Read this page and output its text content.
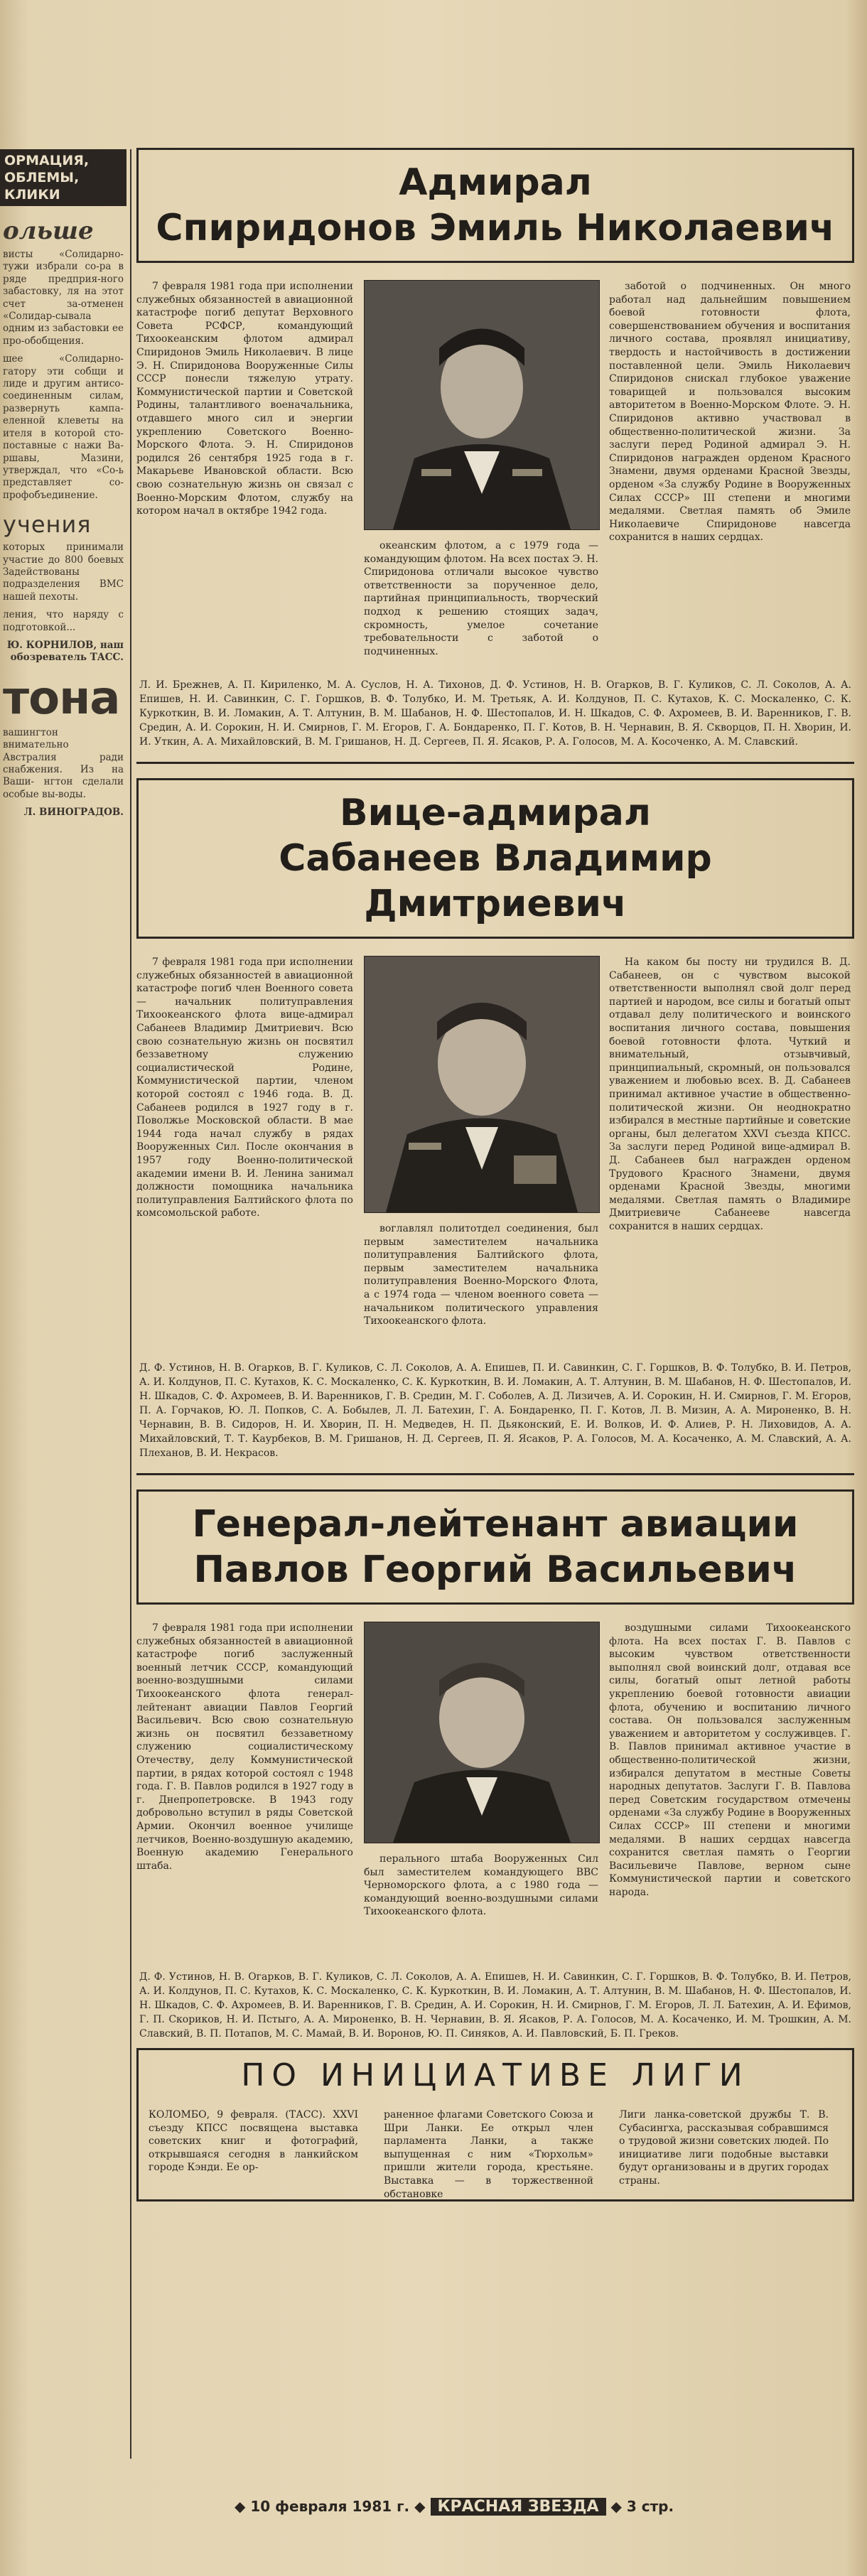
ОРМАЦИЯ,
ОБЛЕМЫ,
КЛИКИ
ольше

висты «Солидарно-тужи избрали со-ра в ряде предприя-ного забастовку, ля на этот счет за-отменен «Солидар-сывала одним из забастовки ее про-обобщения.

шее «Солидарно-гатору эти собщи и лиде и другим антисо-соединенным силам, развернуть кампа- еленной клеветы на ителя в которой сто-поставные с нажи Ва-ршавы, Мазини, утверждал, что «Со-ь представляет со-профобъединение.

учения

которых принимали участие до 800 боевых Задействованы подразделения ВМС нашей пехоты.

ления, что наряду с подготовкой...

Ю. КОРНИЛОВ, наш обозреватель ТАСС.

тона

вашингтон внимательно Австралия ради снабжения. Из на Ваши- нгтон сделали особые вы-воды.

Л. ВИНОГРАДОВ.

Адмирал
Спиридонов Эмиль Николаевич

7 февраля 1981 года при исполнении служебных обязанностей в авиационной катастрофе погиб депутат Верховного Совета РСФСР, командующий Тихоокеанским флотом адмирал Спиридонов Эмиль Николаевич. В лице Э. Н. Спиридонова Вооруженные Силы СССР понесли тяжелую утрату. Коммунистической партии и Советской Родины, талантливого военачальника, отдавшего много сил и энергии укреплению Советского Военно-Морского Флота. Э. Н. Спиридонов родился 26 сентября 1925 года в г. Макарьеве Ивановской области. Всю свою сознательную жизнь он связал с Военно-Морским Флотом, службу на котором начал в октябре 1942 года.

океанским флотом, а с 1979 года — командующим флотом. На всех постах Э. Н. Спиридонова отличали высокое чувство ответственности за порученное дело, партийная принципиальность, творческий подход к решению стоящих задач, скромность, умелое сочетание требовательности с заботой о подчиненных.

заботой о подчиненных. Он много работал над дальнейшим повышением боевой готовности флота, совершенствованием обучения и воспитания личного состава, проявлял инициативу, твердость и настойчивость в достижении поставленной цели. Эмиль Николаевич Спиридонов снискал глубокое уважение товарищей и пользовался высоким авторитетом в Военно-Морском Флоте. Э. Н. Спиридонов активно участвовал в общественно-политической жизни. За заслуги перед Родиной адмирал Э. Н. Спиридонов награжден орденом Красного Знамени, двумя орденами Красной Звезды, орденом «За службу Родине в Вооруженных Силах СССР» III степени и многими медалями. Светлая память об Эмиле Николаевиче Спиридонове навсегда сохранится в наших сердцах.

Л. И. Брежнев, А. П. Кириленко, М. А. Суслов, Н. А. Тихонов, Д. Ф. Устинов, Н. В. Огарков, В. Г. Куликов, С. Л. Соколов, А. А. Епишев, Н. И. Савинкин, С. Г. Горшков, В. Ф. Толубко, И. М. Третьяк, А. И. Колдунов, П. С. Кутахов, К. С. Москаленко, С. К. Куркоткин, В. И. Ломакин, А. Т. Алтунин, В. М. Шабанов, Н. Ф. Шестопалов, И. Н. Шкадов, С. Ф. Ахромеев, В. И. Варенников, Г. В. Средин, А. И. Сорокин, Н. И. Смирнов, Г. М. Егоров, Г. А. Бондаренко, П. Г. Котов, В. Н. Чернавин, В. Я. Скворцов, П. Н. Хворин, И. И. Уткин, А. А. Михайловский, В. М. Гришанов, Н. Д. Сергеев, П. Я. Ясаков, Р. А. Голосов, М. А. Косоченко, А. М. Славский.
Вице-адмирал
Сабанеев Владимир Дмитриевич

7 февраля 1981 года при исполнении служебных обязанностей в авиационной катастрофе погиб член Военного совета — начальник политуправления Тихоокеанского флота вице-адмирал Сабанеев Владимир Дмитриевич. Всю свою сознательную жизнь он посвятил беззаветному служению социалистической Родине, Коммунистической партии, членом которой состоял с 1946 года. В. Д. Сабанеев родился в 1927 году в г. Поволжье Московской области. В мае 1944 года начал службу в рядах Вооруженных Сил. После окончания в 1957 году Военно-политической академии имени В. И. Ленина занимал должности помощника начальника политуправления Балтийского флота по комсомольской работе.

воглавлял политотдел соединения, был первым заместителем начальника политуправления Балтийского флота, первым заместителем начальника политуправления Военно-Морского Флота, а с 1974 года — членом военного совета — начальником политического управления Тихоокеанского флота.

На каком бы посту ни трудился В. Д. Сабанеев, он с чувством высокой ответственности выполнял свой долг перед партией и народом, все силы и богатый опыт отдавал делу политического и воинского воспитания личного состава, повышения боевой готовности флота. Чуткий и внимательный, отзывчивый, принципиальный, скромный, он пользовался уважением и любовью всех. В. Д. Сабанеев принимал активное участие в общественно-политической жизни. Он неоднократно избирался в местные партийные и советские органы, был делегатом XXVI съезда КПСС. За заслуги перед Родиной вице-адмирал В. Д. Сабанеев был награжден орденом Трудового Красного Знамени, двумя орденами Красной Звезды, многими медалями. Светлая память о Владимире Дмитриевиче Сабанееве навсегда сохранится в наших сердцах.

Д. Ф. Устинов, Н. В. Огарков, В. Г. Куликов, С. Л. Соколов, А. А. Епишев, П. И. Савинкин, С. Г. Горшков, В. Ф. Толубко, В. И. Петров, А. И. Колдунов, П. С. Кутахов, К. С. Москаленко, С. К. Куркоткин, В. И. Ломакин, А. Т. Алтунин, В. М. Шабанов, Н. Ф. Шестопалов, И. Н. Шкадов, С. Ф. Ахромеев, В. И. Варенников, Г. В. Средин, М. Г. Соболев, А. Д. Лизичев, А. И. Сорокин, Н. И. Смирнов, Г. М. Егоров, П. А. Горчаков, Ю. Л. Попков, С. А. Бобылев, Л. Л. Батехин, Г. А. Бондаренко, П. Г. Котов, Л. В. Мизин, А. А. Мироненко, В. Н. Чернавин, В. В. Сидоров, Н. И. Хворин, П. Н. Медведев, Н. П. Дьяконский, Е. И. Волков, И. Ф. Алиев, Р. Н. Лиховидов, А. А. Михайловский, Т. Т. Каурбеков, В. М. Гришанов, Н. Д. Сергеев, П. Я. Ясаков, Р. А. Голосов, М. А. Косаченко, А. М. Славский, А. А. Плеханов, В. И. Некрасов.
Генерал-лейтенант авиации
Павлов Георгий Васильевич

7 февраля 1981 года при исполнении служебных обязанностей в авиационной катастрофе погиб заслуженный военный летчик СССР, командующий военно-воздушными силами Тихоокеанского флота генерал-лейтенант авиации Павлов Георгий Васильевич. Всю свою сознательную жизнь он посвятил беззаветному служению социалистическому Отечеству, делу Коммунистической партии, в рядах которой состоял с 1948 года. Г. В. Павлов родился в 1927 году в г. Днепропетровске. В 1943 году добровольно вступил в ряды Советской Армии. Окончил военное училище летчиков, Военно-воздушную академию, Военную академию Генерального штаба.

перального штаба Вооруженных Сил был заместителем командующего ВВС Черноморского флота, а с 1980 года — командующий военно-воздушными силами Тихоокеанского флота.

воздушными силами Тихоокеанского флота. На всех постах Г. В. Павлов с высоким чувством ответственности выполнял свой воинский долг, отдавая все силы, богатый опыт летной работы укреплению боевой готовности авиации флота, обучению и воспитанию личного состава. Он пользовался заслуженным уважением и авторитетом у сослуживцев. Г. В. Павлов принимал активное участие в общественно-политической жизни, избирался депутатом в местные Советы народных депутатов. Заслуги Г. В. Павлова перед Советским государством отмечены орденами «За службу Родине в Вооруженных Силах СССР» III степени и многими медалями. В наших сердцах навсегда сохранится светлая память о Георгии Васильевиче Павлове, верном сыне Коммунистической партии и советского народа.

Д. Ф. Устинов, Н. В. Огарков, В. Г. Куликов, С. Л. Соколов, А. А. Епишев, Н. И. Савинкин, С. Г. Горшков, В. Ф. Толубко, В. И. Петров, А. И. Колдунов, П. С. Кутахов, К. С. Москаленко, С. К. Куркоткин, В. И. Ломакин, А. Т. Алтунин, В. М. Шабанов, Н. Ф. Шестопалов, И. Н. Шкадов, С. Ф. Ахромеев, В. И. Варенников, Г. В. Средин, А. И. Сорокин, Н. И. Смирнов, Г. М. Егоров, Л. Л. Батехин, А. И. Ефимов, Г. П. Скориков, Н. И. Пстыго, А. А. Мироненко, В. Н. Чернавин, В. Я. Ясаков, Р. А. Голосов, М. А. Косаченко, И. М. Трошкин, А. М. Славский, В. П. Потапов, М. С. Мамай, В. И. Воронов, Ю. П. Синяков, А. И. Павловский, Б. П. Греков.
ПО ИНИЦИАТИВЕ ЛИГИ
КОЛОМБО, 9 февраля. (ТАСС). XXVI съезду КПСС посвящена выставка советских книг и фотографий, открывшаяся сегодня в ланкийском городе Кэнди. Ее ор-
раненное флагами Советского Союза и Шри Ланки. Ее открыл член парламента Ланки, а также выпущенная с ним «Тюрхольм» пришли жители города, крестьяне. Выставка — в торжественной обстановке
Лиги ланка-советской дружбы Т. В. Субасингха, рассказывая собравшимся о трудовой жизни советских людей. По инициативе лиги подобные выставки будут организованы и в других городах страны.
◆ 10 февраля 1981 г. ◆ КРАСНАЯ ЗВЕЗДА ◆ 3 стр.
